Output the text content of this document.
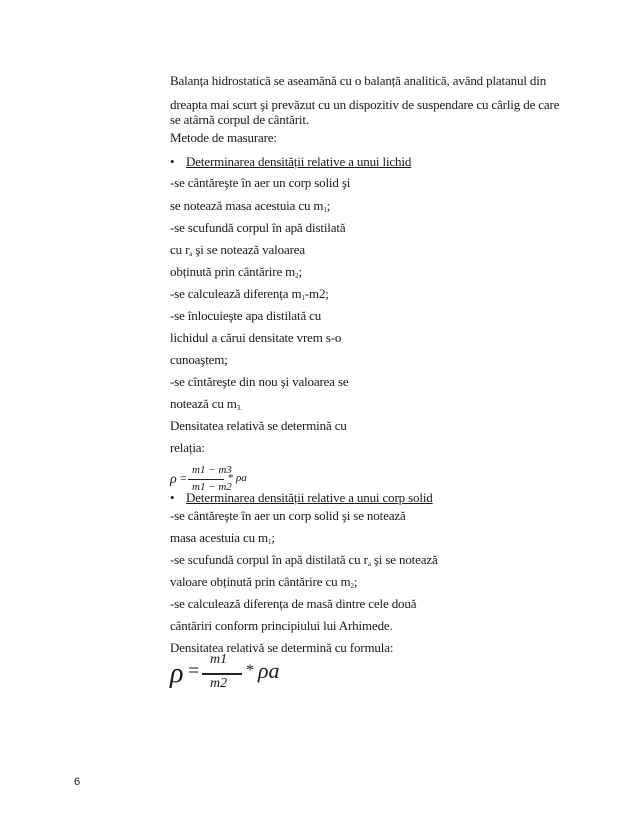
Balanța hidrostatică se aseamănă cu o balanță analitică, având platanul din
dreapta mai scurt şi prevăzut cu un dispozitiv de suspendare cu cârlig de care
se atârnă corpul de cântărit.
Metode de masurare:
• Determinarea densității relative a unui lichid
-se cântăreşte în aer un corp solid şi
se notează masa acestuia cu $m_1$;
-se scufundă corpul în apă distilată
cu $r_a$ şi se notează valoarea
obținută prin cântărire $m_2$;
-se calculează diferența $m_1-m2$;
-se înlocuieşte apa distilată cu
lichidul a cărui densitate vrem s-o
cunoaştem;
-se cîntăreşte din nou şi valoarea se
notează cu $m_{3.}$
Densitatea relativă se determină cu
relația:
ρ =
m1 − m3
m1 − m2
* ρa
• Determinarea densității relative a unui corp solid
-se cântăreşte în aer un corp solid şi se notează
masa acestuia cu $m_1$;
-se scufundă corpul în apă distilată cu $r_a$ şi se notează
valoare obținută prin cântărire cu $m_2$;
-se calculează diferența de masă dintre cele două
cântăriri conform principiului lui Arhimede.
Densitatea relativă se determină cu formula:
ρ =
m1
m2
* ρa
6
